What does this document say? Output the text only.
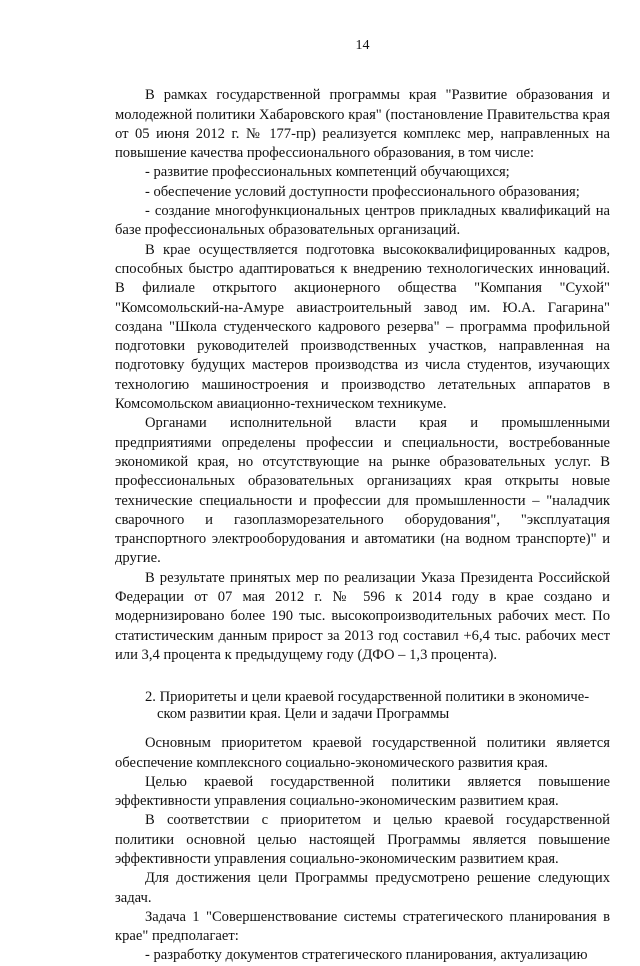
14

В рамках государственной программы края "Развитие образования и молодежной политики Хабаровского края" (постановление Правительства края от 05 июня 2012 г. № 177-пр) реализуется комплекс мер, направленных на повышение качества профессионального образования, в том числе:

- развитие профессиональных компетенций обучающихся;

- обеспечение условий доступности профессионального образования;

- создание многофункциональных центров прикладных квалификаций на базе профессиональных образовательных организаций.

В крае осуществляется подготовка высококвалифицированных кадров, способных быстро адаптироваться к внедрению технологических инноваций. В филиале открытого акционерного общества "Компания "Сухой" "Комсомольский-на-Амуре авиастроительный завод им. Ю.А. Гагарина" создана "Школа студенческого кадрового резерва" – программа профильной подготовки руководителей производственных участков, направленная на подготовку будущих мастеров производства из числа студентов, изучающих технологию машиностроения и производство летательных аппаратов в Комсомольском авиационно-техническом техникуме.

Органами исполнительной власти края и промышленными предприятиями определены профессии и специальности, востребованные экономикой края, но отсутствующие на рынке образовательных услуг. В профессиональных образовательных организациях края открыты новые технические специальности и профессии для промышленности – "наладчик сварочного и газоплазморезательного оборудования", "эксплуатация транспортного электрооборудования и автоматики (на водном транспорте)" и другие.

В результате принятых мер по реализации Указа Президента Российской Федерации от 07 мая 2012 г. № 596 к 2014 году в крае создано и модернизировано более 190 тыс. высокопроизводительных рабочих мест. По статистическим данным прирост за 2013 год составил +6,4 тыс. рабочих мест или 3,4 процента к предыдущему году (ДФО – 1,3 процента).

2. Приоритеты и цели краевой государственной политики в экономиче-
ском развитии края. Цели и задачи Программы

Основным приоритетом краевой государственной политики является обеспечение комплексного социально-экономического развития края.

Целью краевой государственной политики является повышение эффективности управления социально-экономическим развитием края.

В соответствии с приоритетом и целью краевой государственной политики основной целью настоящей Программы является повышение эффективности управления социально-экономическим развитием края.

Для достижения цели Программы предусмотрено решение следующих задач.

Задача 1 "Совершенствование системы стратегического планирования в крае" предполагает:

- разработку документов стратегического планирования, актуализацию
